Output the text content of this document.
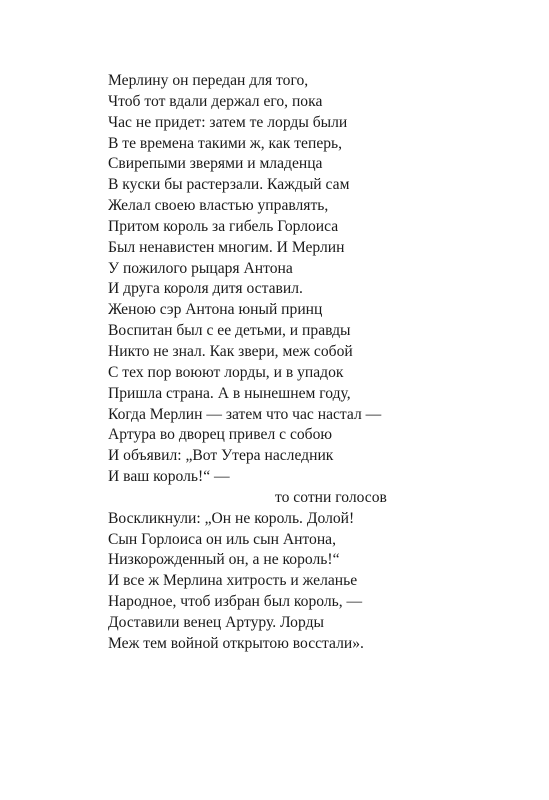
Мерлину он передан для того,
Чтоб тот вдали держал его, пока
Час не придет: затем те лорды были
В те времена такими ж, как теперь,
Свирепыми зверями и младенца
В куски бы растерзали. Каждый сам
Желал своею властью управлять,
Притом король за гибель Горлоиса
Был ненавистен многим. И Мерлин
У пожилого рыцаря Антона
И друга короля дитя оставил.
Женою сэр Антона юный принц
Воспитан был с ее детьми, и правды
Никто не знал. Как звери, меж собой
С тех пор воюют лорды, и в упадок
Пришла страна. А в нынешнем году,
Когда Мерлин — затем что час настал —
Артура во дворец привел с собою
И объявил: „Вот Утера наследник
И ваш король!“ —
то сотни голосов
Воскликнули: „Он не король. Долой!
Сын Горлоиса он иль сын Антона,
Низкорожденный он, а не король!“
И все ж Мерлина хитрость и желанье
Народное, чтоб избран был король, —
Доставили венец Артуру. Лорды
Меж тем войной открытою восстали».
